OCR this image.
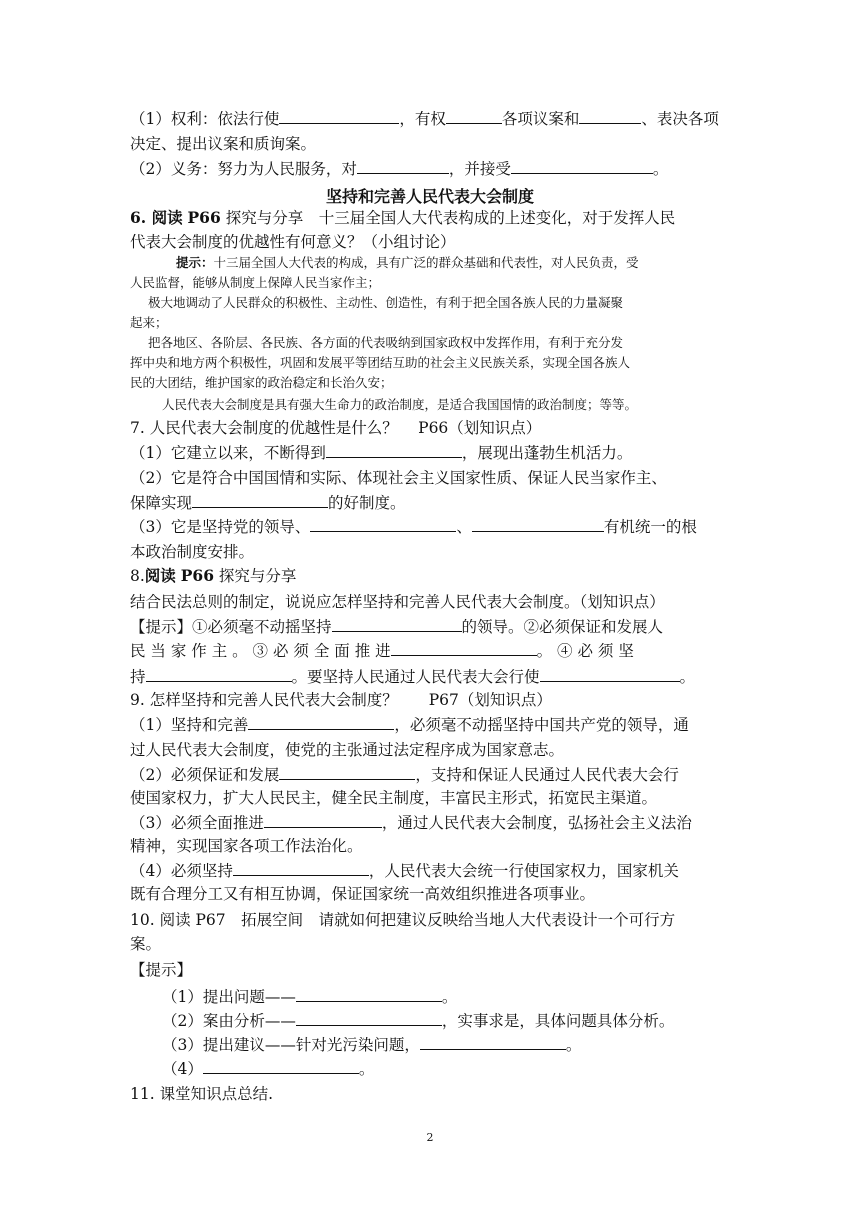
（1）权利：依法行使	，有权	各项议案和	、表决各项
决定、提出议案和质询案。
（2）义务：努力为人民服务，对	，并接受	。
坚持和完善人民代表大会制度
6. 阅读 P66 探究与分享　十三届全国人大代表构成的上述变化，对于发挥人民
代表大会制度的优越性有何意义？（小组讨论）
提示：十三届全国人大代表的构成，具有广泛的群众基础和代表性，对人民负责，受
人民监督，能够从制度上保障人民当家作主；
极大地调动了人民群众的积极性、主动性、创造性，有利于把全国各族人民的力量凝聚
起来；
把各地区、各阶层、各民族、各方面的代表吸纳到国家政权中发挥作用，有利于充分发
挥中央和地方两个积极性，巩固和发展平等团结互助的社会主义民族关系，实现全国各族人
民的大团结，维护国家的政治稳定和长治久安；
人民代表大会制度是具有强大生命力的政治制度，是适合我国国情的政治制度；等等。
7. 人民代表大会制度的优越性是什么？　 P66（划知识点）
（1）它建立以来，不断得到	，展现出蓬勃生机活力。
（2）它是符合中国国情和实际、体现社会主义国家性质、保证人民当家作主、
保障实现	的好制度。
（3）它是坚持党的领导、	、	有机统一的根
本政治制度安排。
8.阅读 P66 探究与分享
结合民法总则的制定，说说应怎样坚持和完善人民代表大会制度。（划知识点）
【提示】①必须毫不动摇坚持	的领导。②必须保证和发展人
民 当 家 作 主 。 ③ 必 须 全 面 推 进	。 ④ 必 须 坚
持	。要坚持人民通过人民代表大会行使	。
9. 怎样坚持和完善人民代表大会制度？　　P67（划知识点）
（1）坚持和完善	，必须毫不动摇坚持中国共产党的领导，通
过人民代表大会制度，使党的主张通过法定程序成为国家意志。
（2）必须保证和发展	，支持和保证人民通过人民代表大会行
使国家权力，扩大人民民主，健全民主制度，丰富民主形式，拓宽民主渠道。
（3）必须全面推进	，通过人民代表大会制度，弘扬社会主义法治
精神，实现国家各项工作法治化。
（4）必须坚持	，人民代表大会统一行使国家权力，国家机关
既有合理分工又有相互协调，保证国家统一高效组织推进各项事业。
10. 阅读 P67　拓展空间　请就如何把建议反映给当地人大代表设计一个可行方
案。
【提示】
（1）提出问题——	。
（2）案由分析——	，实事求是，具体问题具体分析。
（3）提出建议——针对光污染问题，	。
（4）	。
11. 课堂知识点总结.
2
